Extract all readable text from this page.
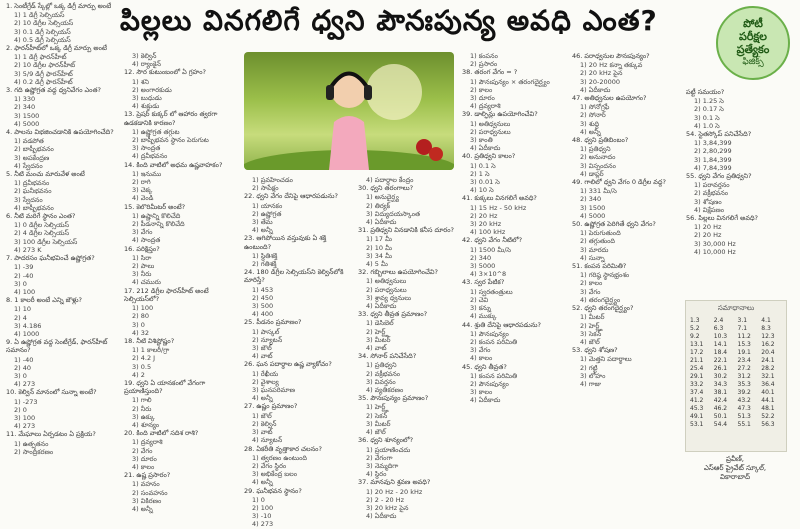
పిల్లలు వినగలిగే ధ్వని పౌనఃపున్య అవధి ఎంత?	పోటీ
పరీక్షల
ప్రత్యేకం
ఫిజిక్స్
1. సెంటీగ్రేడ్ స్కేల్లో ఒక్క డిగ్రీ మార్పు అంటే
1) 1 డిగ్రీ సెల్సియస్
2) 10 డిగ్రీల సెల్సియస్
3) 0.1 డిగ్రీ సెల్సియస్
4) 0.5 డిగ్రీ సెల్సియస్
2. ఫారన్‌హీట్‌లో ఒక్క డిగ్రీ మార్పు అంటే
1) 1 డిగ్రీ ఫారన్‌హీట్
2) 10 డిగ్రీల ఫారన్‌హీట్
3) 5/9 డిగ్రీ ఫారన్‌హీట్
4) 0.2 డిగ్రీ ఫారన్‌హీట్
3. గది ఉష్ణోగ్రత వద్ద ధ్వనివేగం ఎంత?
1) 330
2) 340
3) 1500
4) 5000
4. పాలను విభజించడానికి ఉపయోగించేది?
1) వడపోత
2) బాష్పీభవనం
3) అపకేంద్రణ
4) స్వేదనం
5. నీటి మంచు మారువేళ అంటే
1) ద్రవీభవనం
2) ఘనీభవనం
3) స్వేదనం
4) బాష్పీభవనం
6. నీటి మరిగే స్థానం ఎంత?
1) 0 డిగ్రీల సెల్సియస్
2) 4 డిగ్రీల సెల్సియస్
3) 100 డిగ్రీల సెల్సియస్
4) 273 K
7. పాదరసం ఘనీభవించే ఉష్ణోగ్రత?
1) -39
2) -40
3) 0
4) 100
8. 1 కాలరీ అంటే ఎన్ని జౌళ్లు?
1) 10
2) 4
3) 4.186
4) 1000
9. ఏ ఉష్ణోగ్రత వద్ద సెంటీగ్రేడ్, ఫారన్‌హీట్ సమానం?
1) -40
2) 40
3) 0
4) 273
10. కెల్విన్ మానంలో సున్నా అంటే?
1) -273
2) 0
3) 100
4) 273
11. మేఘాలు ఏర్పడటం ఏ ప్రక్రియ?
1) ఉత్పతనం
2) సాంద్రీకరణం
3) కెల్విన్
4) ర్యాంకైన్
12. సౌర కుటుంబంలో ఏ గ్రహం?
1) శని
2) అంగారకుడు
3) బుధుడు
4) శుక్రుడు
13. ప్రెషర్ కుక్కర్ లో ఆహారం త్వరగా ఉడకడానికి కారణం?
1) ఉష్ణోగ్రత తగ్గుట
2) బాష్పీభవన స్థానం పెరుగుట
3) సాంద్రత
4) ద్రవీభవనం
14. కింది వాటిలో అధమ ఉష్ణవాహకం?
1) ఇనుము
2) రాగి
3) చెక్క
4) వెండి
15. కెలొరిమీటర్ అంటే?
1) ఉష్ణాన్ని కొలిచేది
2) పీడనాన్ని కొలిచేది
3) వేగం
4) సాంద్రత
16. పరిక్షిప్తం?
1) సిరా
2) పాలు
3) నీరు
4) చమురు
17. 212 డిగ్రీల ఫారన్‌హీట్ అంటే సెల్సియస్‌లో?
1) 100
2) 80
3) 0
4) 32
18. నీటి విశిష్టోష్ణం?
1) 1 కాలరీ/గ్రా
2) 4.2 J
3) 0.5
4) 2
19. ధ్వని ఏ యానకంలో వేగంగా ప్రయాణిస్తుంది?
1) గాలి
2) నీరు
3) ఉక్కు
4) శూన్యం
20. కింది వాటిలో సదిశ రాశి?
1) ద్రవ్యరాశి
2) వేగం
3) దూరం
4) కాలం
21. ఉష్ణ ప్రసారం?
1) వహనం
2) సంవహనం
3) వికిరణం
4) అన్నీ
1) ప్రవహించడం
2) సాపేక్షం
22. ధ్వని వేగం దేనిపై ఆధారపడును?
1) యానకం
2) ఉష్ణోగ్రత
3) తేమ
4) అన్నీ
23. ఆగిపోయిన వస్తువుకు ఏ శక్తి ఉంటుంది?
1) స్థితిశక్తి
2) గతిశక్తి
24. 180 డిగ్రీల సెల్సియస్‌ని కెల్విన్‌లోకి మారిస్తే?
1) 453
2) 450
3) 500
4) 400
25. పీడనం ప్రమాణం?
1) పాస్కల్
2) న్యూటన్
3) జౌల్
4) వాట్
26. ఘన పదార్థాల ఉష్ణ వ్యాకోచం?
1) రేఖీయ
2) వైశాల్య
3) ఘనపరిమాణ
4) అన్నీ
27. ఉష్ణం ప్రమాణం?
1) జౌల్
2) కెల్విన్
3) వాట్
4) న్యూటన్
28. ఏకరీతి వృత్తాకార చలనం?
1) త్వరణం ఉంటుంది
2) వేగం స్థిరం
3) అభికేంద్ర బలం
4) అన్నీ
29. ఘనీభవన స్థానం?
1) 0
2) 100
3) -10
4) 273
4) పదార్థాల కేంద్రం
30. ధ్వని తరంగాలు?
1) అనుదైర్ఘ్య
2) తిర్యక్
3) విద్యుదయస్కాంత
4) ఏదీకాదు
31. ప్రతిధ్వని వినడానికి కనీస దూరం?
1) 17 మీ
2) 10 మీ
3) 34 మీ
4) 5 మీ
32. గబ్బిలాలు ఉపయోగించేవి?
1) అతిధ్వనులు
2) పరాధ్వనులు
3) శ్రావ్య ధ్వనులు
4) ఏదీకాదు
33. ధ్వని తీవ్రత ప్రమాణం?
1) డెసిబెల్
2) హెర్ట్జ్
3) మీటర్
4) వాట్
34. సోనార్ పనిచేసేది?
1) ప్రతిధ్వని
2) వక్రీభవనం
3) వివర్తనం
4) వ్యతికరణం
35. పౌనఃపున్యం ప్రమాణం?
1) హెర్ట్జ్
2) సెకన్
3) మీటర్
4) జౌల్
36. ధ్వని శూన్యంలో?
1) ప్రయాణించదు
2) వేగంగా
3) నెమ్మదిగా
4) స్థిరం
37. మానవుని శ్రవణ అవధి?
1) 20 Hz - 20 kHz
2) 2 - 20 Hz
3) 20 kHz పైన
4) ఏదీకాదు
1) కంపనం
2) ప్రసారం
38. తరంగ వేగం = ?
1) పౌనఃపున్యం × తరంగదైర్ఘ్యం
2) కాలం
3) దూరం
4) ద్రవ్యరాశి
39. డాల్ఫిన్లు ఉపయోగించేవి?
1) అతిధ్వనులు
2) పరాధ్వనులు
3) కాంతి
4) ఏదీకాదు
40. ప్రతిధ్వని కాలం?
1) 0.1 సె
2) 1 సె
3) 0.01 సె
4) 10 సె
41. కుక్కలు వినగలిగే అవధి?
1) 15 Hz - 50 kHz
2) 20 Hz
3) 20 kHz
4) 100 kHz
42. ధ్వని వేగం నీటిలో?
1) 1500 మీ/సె
2) 340
3) 5000
4) 3×10^8
43. స్వర పేటిక?
1) స్వరతంత్రులు
2) చెవి
3) కన్ను
4) ముక్కు
44. శ్రుతి దేనిపై ఆధారపడును?
1) పౌనఃపున్యం
2) కంపన పరిమితి
3) వేగం
4) కాలం
45. ధ్వని తీవ్రత?
1) కంపన పరిమితి
2) పౌనఃపున్యం
3) కాలం
4) ఏదీకాదు
46. పరాధ్వనుల పౌనఃపున్యం?
1) 20 Hz కన్నా తక్కువ
2) 20 kHz పైన
3) 20-20000
4) ఏదీకాదు
47. అతిధ్వనుల ఉపయోగం?
1) సోనోగ్రఫీ
2) సోనార్
3) శుద్ధి
4) అన్నీ
48. ధ్వని ప్రతిబింబం?
1) ప్రతిధ్వని
2) అనునాదం
3) విస్పందనం
4) డాప్లర్
49. గాలిలో ధ్వని వేగం 0 డిగ్రీల వద్ద?
1) 331 మీ/సె
2) 340
3) 1500
4) 5000
50. ఉష్ణోగ్రత పెరిగితే ధ్వని వేగం?
1) పెరుగుతుంది
2) తగ్గుతుంది
3) మారదు
4) సున్నా
51. కంపన పరిమితి?
1) గరిష్ఠ స్థానభ్రంశం
2) కాలం
3) వేగం
4) తరంగదైర్ఘ్యం
52. ధ్వని తరంగదైర్ఘ్యం?
1) మీటర్
2) హెర్ట్జ్
3) సెకన్
4) జౌల్
53. ధ్వని శోషణ?
1) మెత్తని పదార్థాలు
2) గట్టి
3) లోహం
4) గాజు
పట్టీ సమయం?
1) 1.25 సె
2) 0.17 సె
3) 0.1 సె
4) 1.0 సె
54. స్టెతస్కోప్ పనిచేసేది?
1) 3,84,399
2) 2,80,299
3) 1,84,399
4) 7,84,399
55. ధ్వని వేగం ప్రతిధ్వని?
1) పరావర్తనం
2) వక్రీభవనం
3) శోషణం
4) విక్షేపణం
56. పిల్లలు వినగలిగే అవధి?
1) 20 Hz
2) 20 Hz
3) 30,000 Hz
4) 10,000 Hz
సమాధానాలు
1.3	2.4	3.1	4.1
5.2	6.3	7.1	8.3
9.2	10.3	11.2	12.3
13.1	14.1	15.3	16.2
17.2	18.4	19.1	20.4
21.1	22.1	23.4	24.1
25.4	26.1	27.2	28.2
29.1	30.2	31.2	32.1
33.2	34.3	35.3	36.4
37.4	38.1	39.2	40.1
41.2	42.4	43.2	44.1
45.3	46.2	47.3	48.1
49.1	50.1	51.3	52.2
53.1	54.4	55.1	56.3
ప్రవీణ్,
ఎస్‌ఆర్ ప్రైవేట్ స్కూల్,
వికారాబాద్
